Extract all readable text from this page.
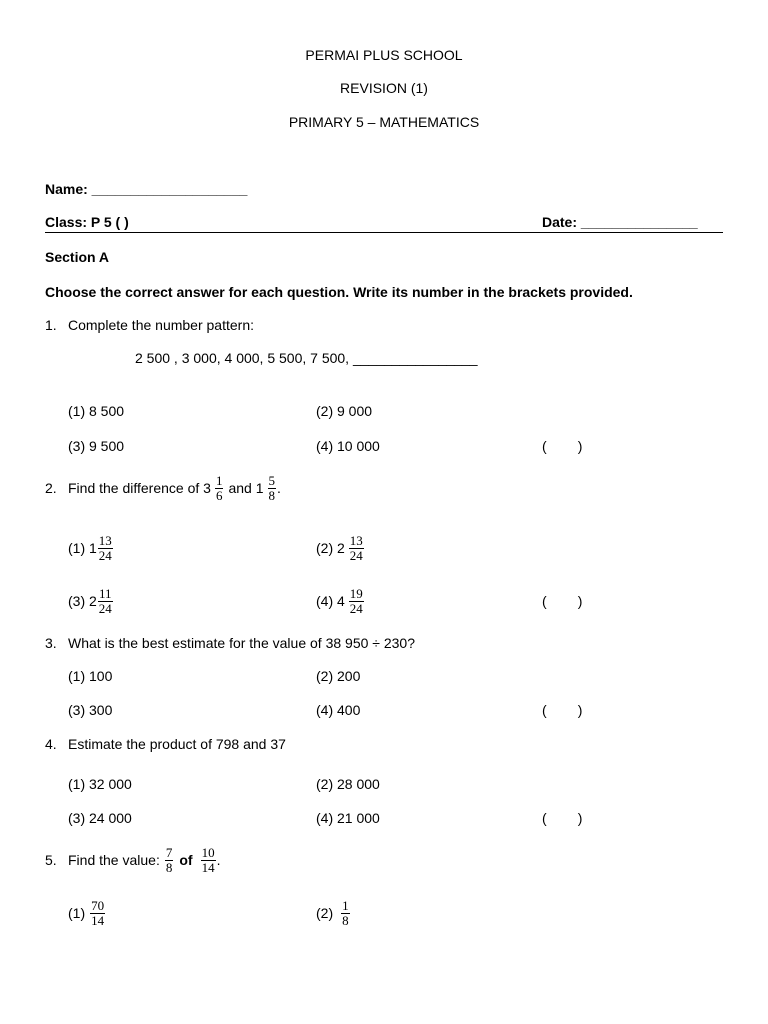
PERMAI PLUS SCHOOL
REVISION (1)
PRIMARY 5 – MATHEMATICS
Name: ____________________
Class: P 5 ( )	Date: _______________
Section A
Choose the correct answer for each question. Write its number in the brackets provided.
1. Complete the number pattern:
2 500 , 3 000, 4 000, 5 500, 7 500, ________________
(1) 8 500	(2) 9 000
(3) 9 500	(4) 10 000	(        )
2. Find the difference of $3 \frac{1}{6}$ and $1 \frac{5}{8}$ .
(1) $1 \frac{13}{24}$	(2) $2 \frac{13}{24}$
(3) $2 \frac{11}{24}$	(4) $4 \frac{19}{24}$	(        )
3. What is the best estimate for the value of 38 950 ÷ 230?
(1) 100	(2) 200
(3) 300	(4) 400	(        )
4. Estimate the product of 798 and 37
(1) 32 000	(2) 28 000
(3) 24 000	(4) 21 000	(        )
5. Find the value: $\frac{7}{8}$ of $\frac{10}{14}$ .
$(1) \frac{70}{14}$	$(2) \frac{1}{8}$
